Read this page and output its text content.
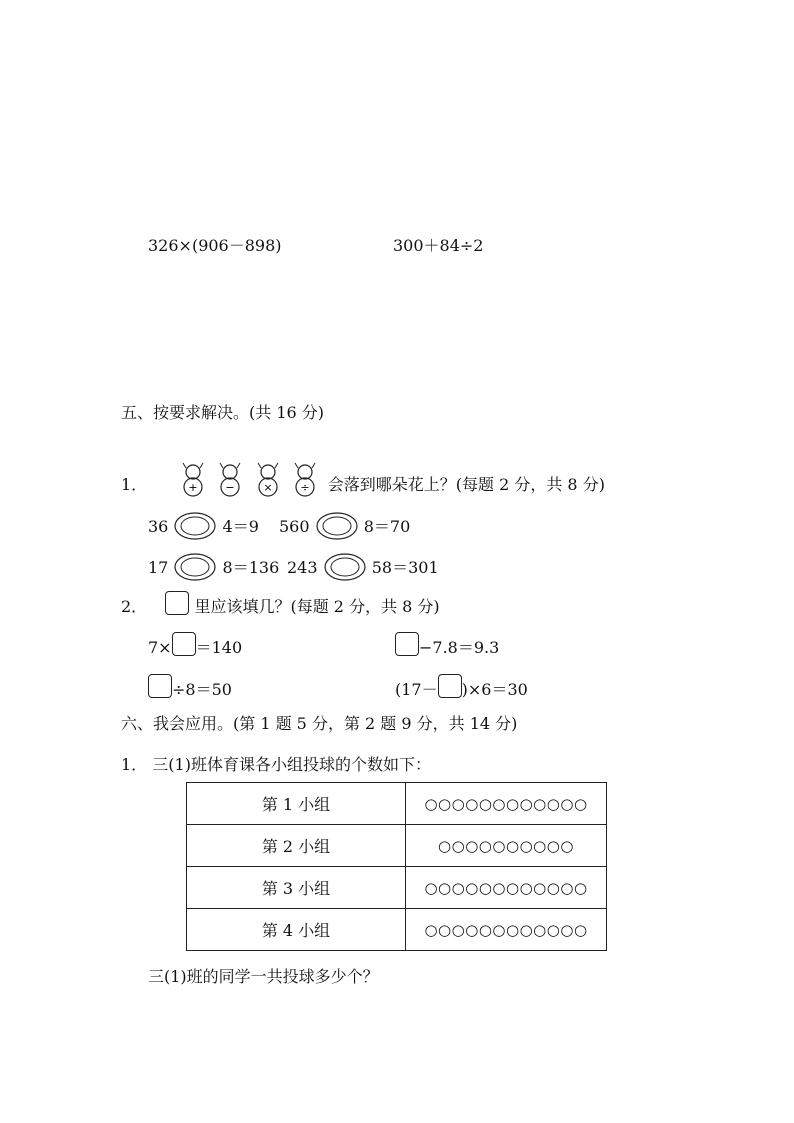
326×(906－898)	300＋84÷2
五、按要求解决。(共 16 分)
1．	+
	−
	×
	÷ 会落到哪朵花上？(每题 2 分，共 8 分)
36	4＝9 560	8＝70
17	8＝136 243	58＝301
2．	里应该填几？(每题 2 分，共 8 分)
7× ＝140	−7.8＝9.3
÷8＝50	(17－ )×6＝30
六、我会应用。(第 1 题 5 分，第 2 题 9 分，共 14 分)
1． 三(1)班体育课各小组投球的个数如下：
第 1 小组	○○○○○○○○○○○○
第 2 小组	○○○○○○○○○○
第 3 小组	○○○○○○○○○○○○
第 4 小组	○○○○○○○○○○○○
三(1)班的同学一共投球多少个？
